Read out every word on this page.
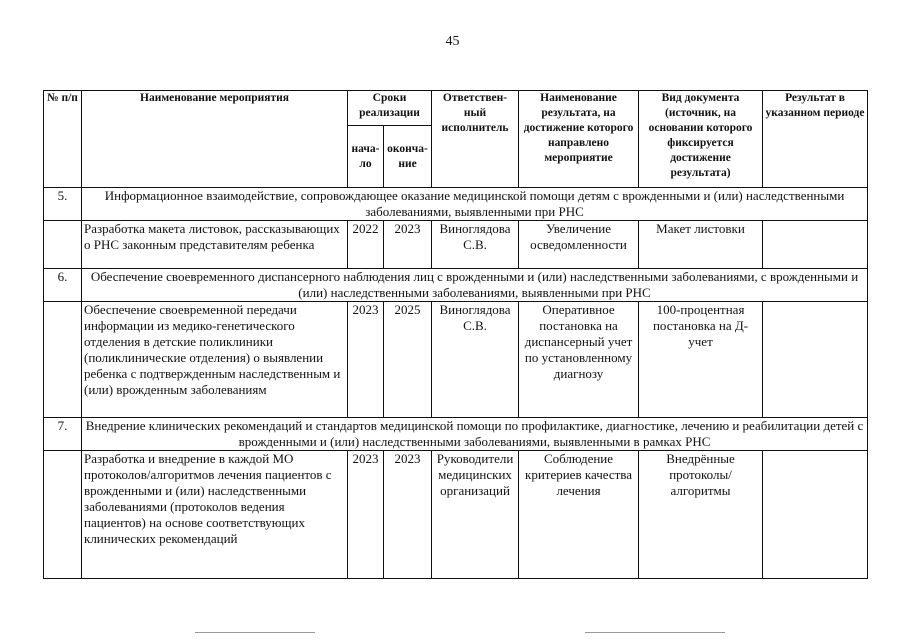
45
№ п/п	Наименование мероприятия	Сроки реализации		Ответствен-ный исполнитель	Наименование результата, на достижение которого направлено мероприятие	Вид документа (источник, на основании которого фиксируется достижение результата)	Результат в указанном периоде
		нача-ло	оконча-ние				
5.	Информационное взаимодействие, сопровождающее оказание медицинской помощи детям с врожденными и (или) наследственными заболеваниями, выявленными при РНС						
	Разработка макета листовок, рассказывающих о РНС законным представителям ребенка	2022	2023	Виноглядова С.В.	Увеличение осведомленности	Макет листовки	
6.	Обеспечение своевременного диспансерного наблюдения лиц с врожденными и (или) наследственными заболеваниями, с врожденными и (или) наследственными заболеваниями, выявленными при РНС						
	Обеспечение своевременной передачи информации из медико-генетического отделения в детские поликлиники (поликлинические отделения) о выявлении ребенка с подтвержденным наследственным и (или) врожденным заболеваниям	2023	2025	Виноглядова С.В.	Оперативное постановка на диспансерный учет по установленному диагнозу	100-процентная постановка на Д-учет	
7.	Внедрение клинических рекомендаций и стандартов медицинской помощи по профилактике, диагностике, лечению и реабилитации детей с врожденными и (или) наследственными заболеваниями, выявленными в рамках РНС						
	Разработка и внедрение в каждой МО протоколов/алгоритмов лечения пациентов с врожденными и (или) наследственными заболеваниями (протоколов ведения пациентов) на основе соответствующих клинических рекомендаций	2023	2023	Руководители медицинских организаций	Соблюдение критериев качества лечения	Внедрённые протоколы/ алгоритмы	
